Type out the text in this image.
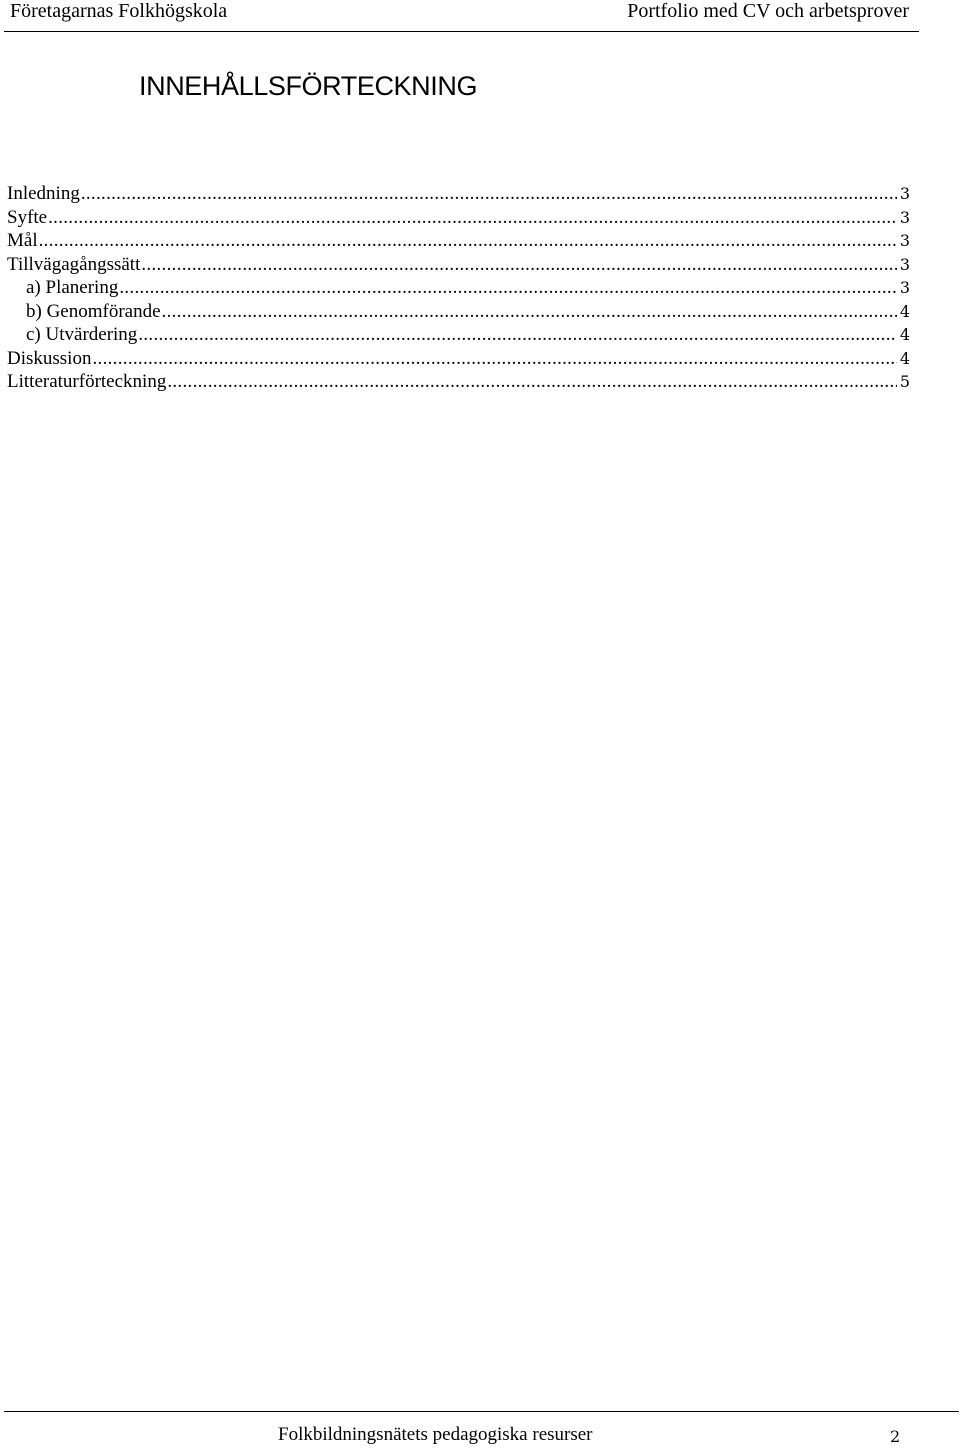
Företagarnas Folkhögskola	Portfolio med CV och arbetsprover
INNEHÅLLSFÖRTECKNING
Inledning .....	3
Syfte .....	3
Mål .....	3
Tillvägagångssätt .....	3
a) Planering .....	3
b) Genomförande .....	4
c) Utvärdering .....	4
Diskussion .....	4
Litteraturförteckning .....	5
Folkbildningsnätets pedagogiska resurser	2
